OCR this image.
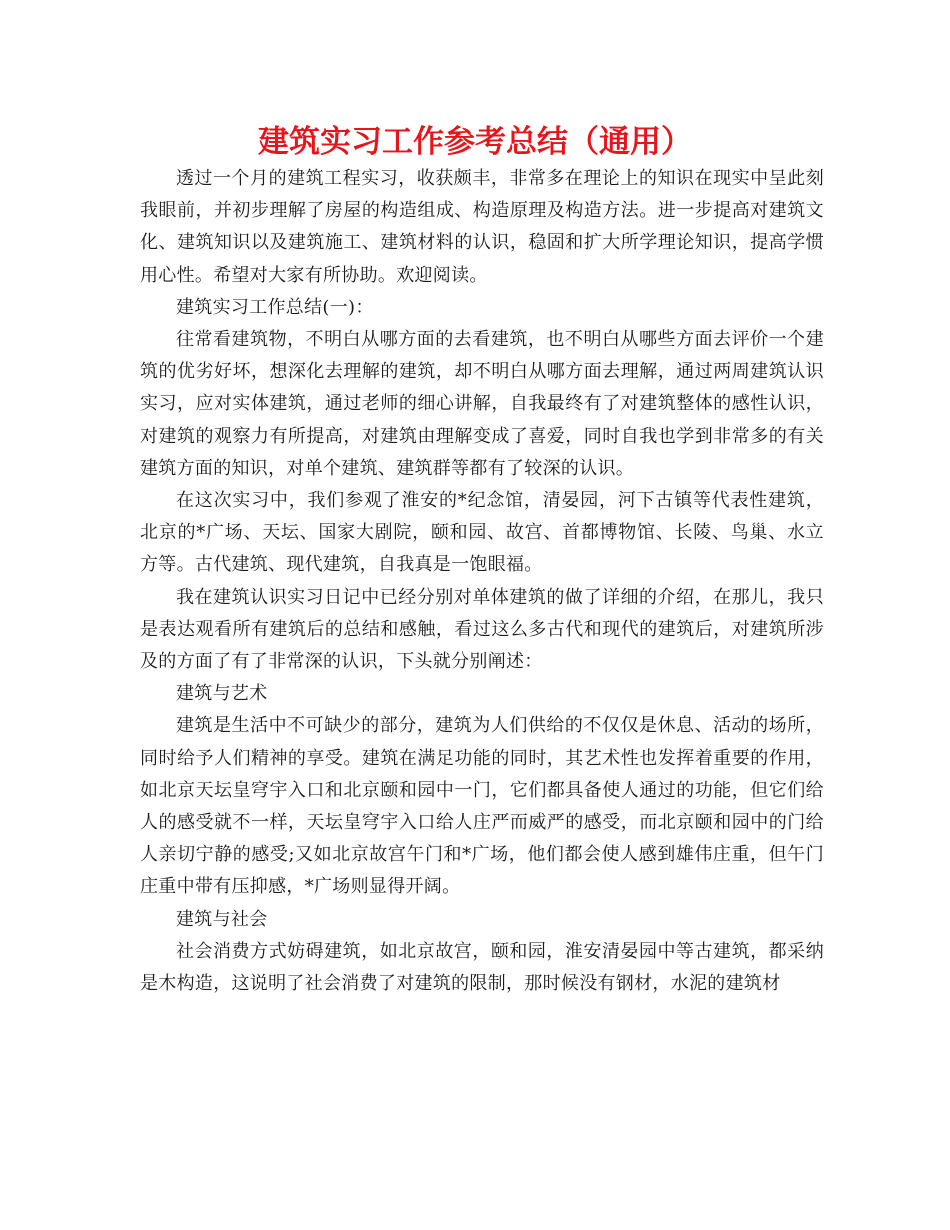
建筑实习工作参考总结（通用）

透过一个月的建筑工程实习，收获颇丰，非常多在理论上的知识在现实中呈此刻我眼前，并初步理解了房屋的构造组成、构造原理及构造方法。进一步提高对建筑文化、建筑知识以及建筑施工、建筑材料的认识，稳固和扩大所学理论知识，提高学惯用心性。希望对大家有所协助。欢迎阅读。

建筑实习工作总结(一)：

往常看建筑物，不明白从哪方面的去看建筑，也不明白从哪些方面去评价一个建筑的优劣好坏，想深化去理解的建筑，却不明白从哪方面去理解，通过两周建筑认识实习，应对实体建筑，通过老师的细心讲解，自我最终有了对建筑整体的感性认识，对建筑的观察力有所提高，对建筑由理解变成了喜爱，同时自我也学到非常多的有关建筑方面的知识，对单个建筑、建筑群等都有了较深的认识。

在这次实习中，我们参观了淮安的*纪念馆，清晏园，河下古镇等代表性建筑，北京的*广场、天坛、国家大剧院，颐和园、故宫、首都博物馆、长陵、鸟巢、水立方等。古代建筑、现代建筑，自我真是一饱眼福。

我在建筑认识实习日记中已经分别对单体建筑的做了详细的介绍，在那儿，我只是表达观看所有建筑后的总结和感触，看过这么多古代和现代的建筑后，对建筑所涉及的方面了有了非常深的认识，下头就分别阐述：

建筑与艺术

建筑是生活中不可缺少的部分，建筑为人们供给的不仅仅是休息、活动的场所，同时给予人们精神的享受。建筑在满足功能的同时，其艺术性也发挥着重要的作用，如北京天坛皇穹宇入口和北京颐和园中一门，它们都具备使人通过的功能，但它们给人的感受就不一样，天坛皇穹宇入口给人庄严而威严的感受，而北京颐和园中的门给人亲切宁静的感受;又如北京故宫午门和*广场，他们都会使人感到雄伟庄重，但午门庄重中带有压抑感，*广场则显得开阔。

建筑与社会

社会消费方式妨碍建筑，如北京故宫，颐和园，淮安清晏园中等古建筑，都采纳是木构造，这说明了社会消费了对建筑的限制，那时候没有钢材，水泥的建筑材
